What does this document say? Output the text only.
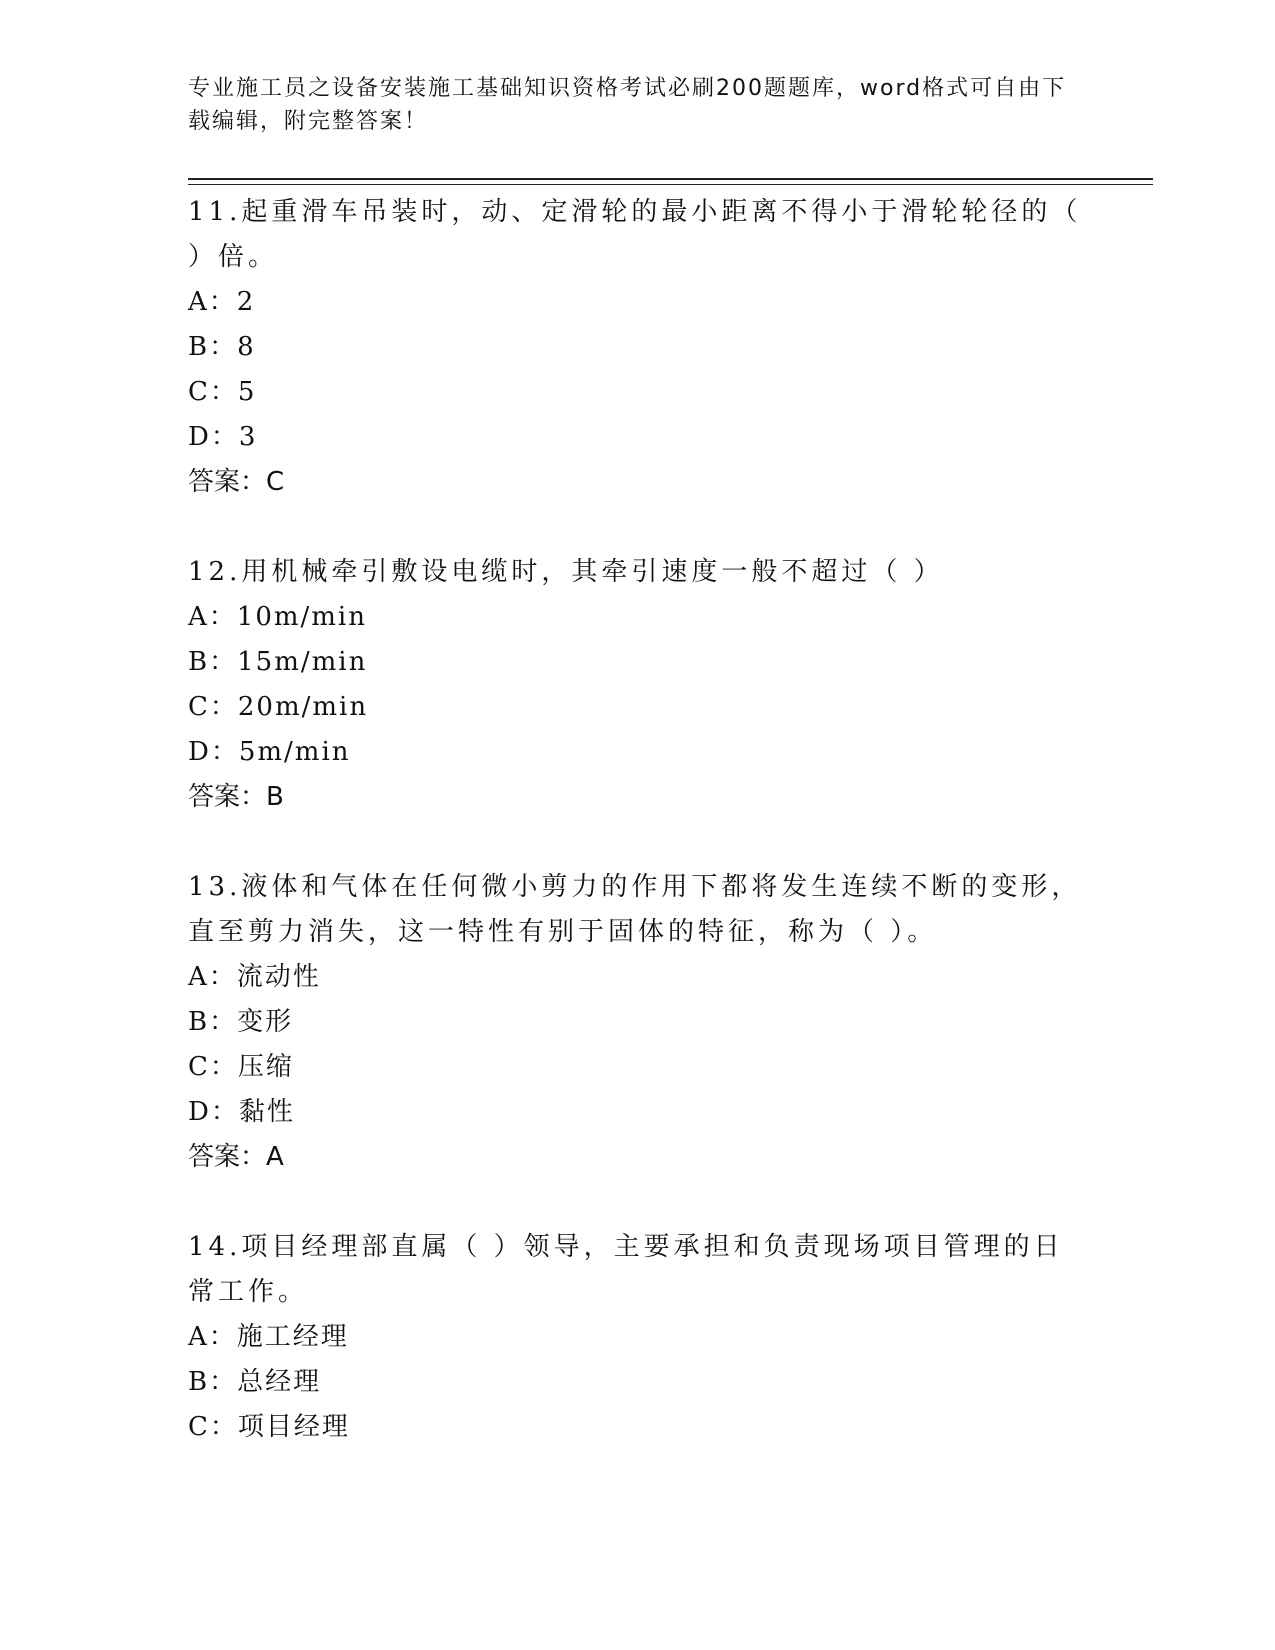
专业施工员之设备安装施工基础知识资格考试必刷200题题库，word格式可自由下载编辑，附完整答案！

11.起重滑车吊装时，动、定滑轮的最小距离不得小于滑轮轮径的（ ）倍。

A：2

B：8

C：5

D：3

答案：C

12.用机械牵引敷设电缆时，其牵引速度一般不超过（ ）

A：10m/min

B：15m/min

C：20m/min

D：5m/min

答案：B

13.液体和气体在任何微小剪力的作用下都将发生连续不断的变形，直至剪力消失，这一特性有别于固体的特征，称为（ ）。

A：流动性

B：变形

C：压缩

D：黏性

答案：A

14.项目经理部直属（ ）领导，主要承担和负责现场项目管理的日常工作。

A：施工经理

B：总经理

C：项目经理
